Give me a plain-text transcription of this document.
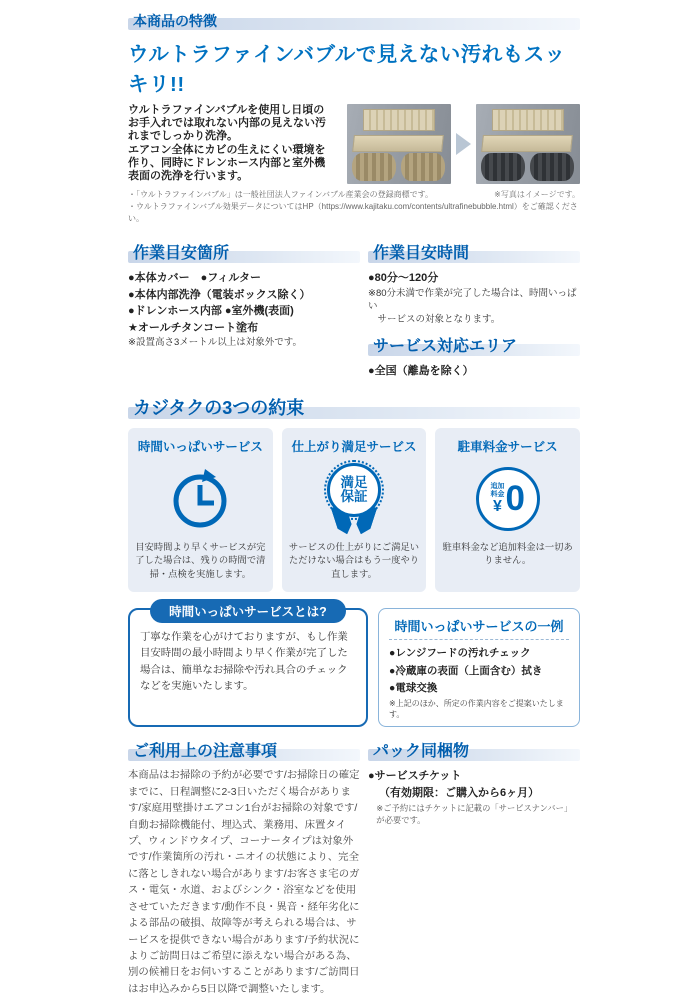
本商品の特徴
ウルトラファインバブルで見えない汚れもスッキリ!!

ウルトラファインバブルを使用し日頃のお手入れでは取れない内部の見えない汚れまでしっかり洗浄。

エアコン全体にカビの生えにくい環境を作り、同時にドレンホース内部と室外機表面の洗浄を行います。

・「ウルトラファインバブル」は一般社団法人ファインバブル産業会の登録商標です。	※写真はイメージです。
・ウルトラファインバブル効果データについてはHP（https://www.kajitaku.com/contents/ultrafinebubble.html）をご確認ください。
作業目安箇所
●本体カバー　●フィルター
●本体内部洗浄（電装ボックス除く）
●ドレンホース内部 ●室外機(表面)
★オールチタンコート塗布
※設置高さ3メートル以上は対象外です。
作業目安時間
●80分～120分
※80分未満で作業が完了した場合は、時間いっぱい
サービスの対象となります。
サービス対応エリア
●全国（離島を除く）
カジタクの3つの約束
時間いっぱいサービス
目安時間より早くサービスが完了した場合は、残りの時間で清掃・点検を実施します。
仕上がり満足サービス
満足
保証
サービスの仕上がりにご満足いただけない場合はもう一度やり直します。
駐車料金サービス
追加
料金
¥ 0
駐車料金など追加料金は一切ありません。
時間いっぱいサービスとは?
丁寧な作業を心がけておりますが、もし作業目安時間の最小時間より早く作業が完了した場合は、簡単なお掃除や汚れ具合のチェックなどを実施いたします。
時間いっぱいサービスの一例
●レンジフードの汚れチェック
●冷蔵庫の表面（上面含む）拭き
●電球交換
※上記のほか、所定の作業内容をご提案いたします。
ご利用上の注意事項
本商品はお掃除の予約が必要です/お掃除日の確定までに、日程調整に2-3日いただく場合があります/家庭用壁掛けエアコン1台がお掃除の対象です/自動お掃除機能付、埋込式、業務用、床置タイプ、ウィンドウタイプ、コーナータイプは対象外です/作業箇所の汚れ・ニオイの状態により、完全に落としきれない場合があります/お客さま宅のガス・電気・水道、およびシンク・浴室などを使用させていただきます/動作不良・異音・経年劣化による部品の破損、故障等が考えられる場合は、サービスを提供できない場合があります/予約状況によりご訪問日はご希望に添えない場合がある為、別の候補日をお伺いすることがあります/ご訪問日はお申込みから5日以降で調整いたします。
パック同梱物
●サービスチケット
（有効期限：ご購入から6ヶ月）
※ご予約にはチケットに記載の「サービスナンバー」が必要です。
